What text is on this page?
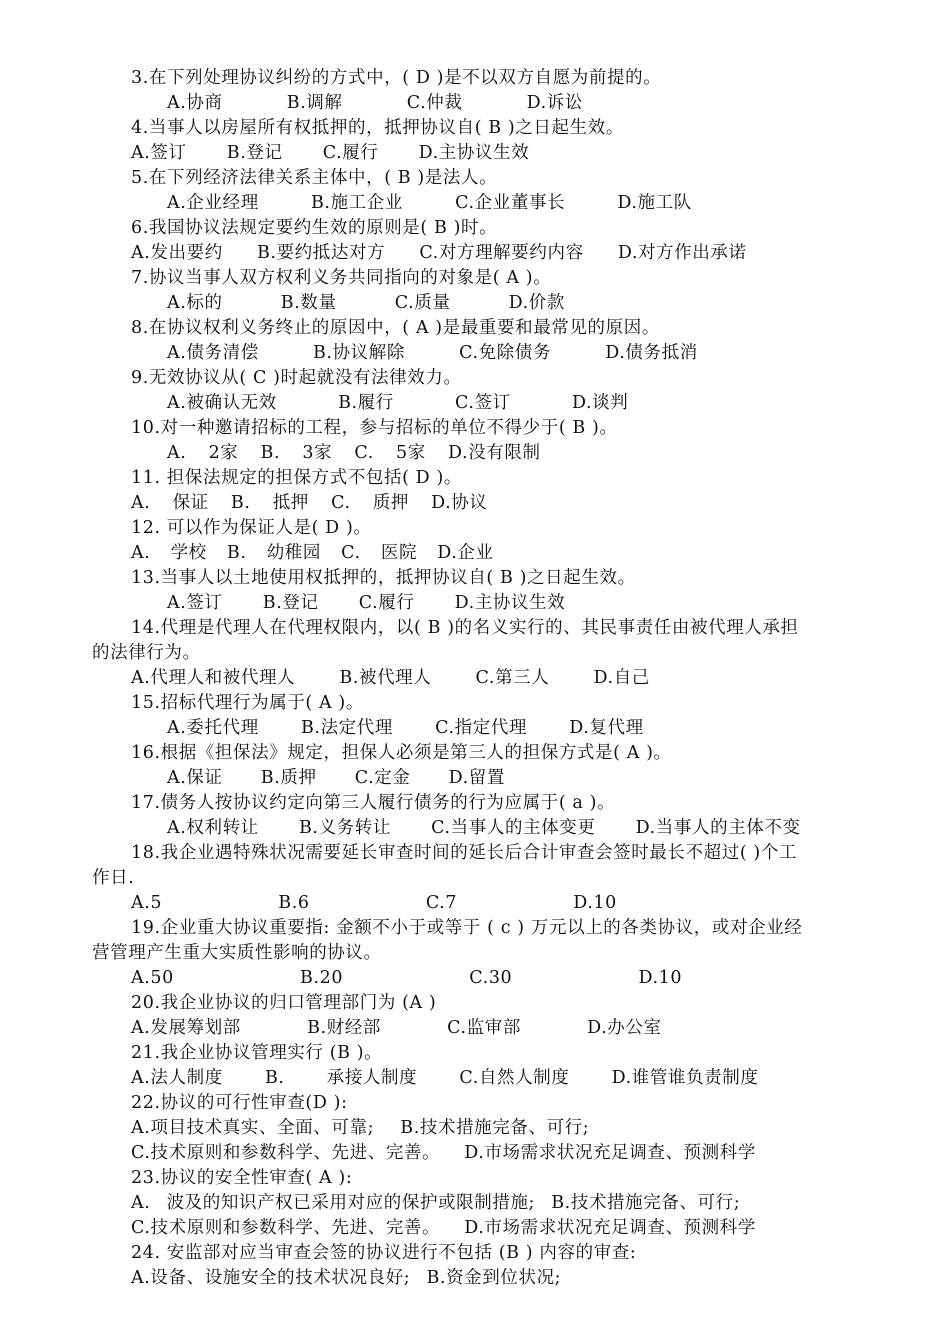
3.在下列处理协议纠纷的方式中，( D )是不以双方自愿为前提的。
A.协商 B.调解 C.仲裁 D.诉讼
4.当事人以房屋所有权抵押的，抵押协议自( B )之日起生效。
A.签订 B.登记 C.履行 D.主协议生效
5.在下列经济法律关系主体中，( B )是法人。
A.企业经理 B.施工企业 C.企业董事长 D.施工队
6.我国协议法规定要约生效的原则是( B )时。
A.发出要约 B.要约抵达对方 C.对方理解要约内容 D.对方作出承诺
7.协议当事人双方权利义务共同指向的对象是( A )。
A.标的 B.数量 C.质量 D.价款
8.在协议权利义务终止的原因中，( A )是最重要和最常见的原因。
A.债务清偿 B.协议解除 C.免除债务 D.债务抵消
9.无效协议从( C )时起就没有法律效力。
A.被确认无效 B.履行 C.签订 D.谈判
10.对一种邀请招标的工程，参与招标的单位不得少于( B )。
A. 2家 B. 3家 C. 5家 D.没有限制
11. 担保法规定的担保方式不包括( D )。
A. 保证 B. 抵押 C. 质押 D.协议
12. 可以作为保证人是( D )。
A. 学校 B. 幼稚园 C. 医院 D.企业
13.当事人以土地使用权抵押的，抵押协议自( B )之日起生效。
A.签订 B.登记 C.履行 D.主协议生效
14.代理是代理人在代理权限内，以( B )的名义实行的、其民事责任由被代理人承担
的法律行为。
A.代理人和被代理人 B.被代理人 C.第三人 D.自己
15.招标代理行为属于( A )。
A.委托代理 B.法定代理 C.指定代理 D.复代理
16.根据《担保法》规定，担保人必须是第三人的担保方式是( A )。
A.保证 B.质押 C.定金 D.留置
17.债务人按协议约定向第三人履行债务的行为应属于( a )。
A.权利转让 B.义务转让 C.当事人的主体变更 D.当事人的主体不变
18.我企业遇特殊状况需要延长审查时间的延长后合计审查会签时最长不超过( )个工
作日.
A.5 B.6 C.7 D.10
19.企业重大协议重要指: 金额不小于或等于 ( c ) 万元以上的各类协议，或对企业经
营管理产生重大实质性影响的协议。
A.50 B.20 C.30 D.10
20.我企业协议的归口管理部门为 (A )
A.发展筹划部 B.财经部 C.监审部 D.办公室
21.我企业协议管理实行 (B )。
A.法人制度 B. 承接人制度 C.自然人制度 D.谁管谁负责制度
22.协议的可行性审查(D ):
A.项目技术真实、全面、可靠; B.技术措施完备、可行;
C.技术原则和参数科学、先进、完善。 D.市场需求状况充足调查、预测科学
23.协议的安全性审查( A ):
A. 波及的知识产权已采用对应的保护或限制措施; B.技术措施完备、可行;
C.技术原则和参数科学、先进、完善。 D.市场需求状况充足调查、预测科学
24. 安监部对应当审查会签的协议进行不包括 (B ) 内容的审查:
A.设备、设施安全的技术状况良好; B.资金到位状况;
